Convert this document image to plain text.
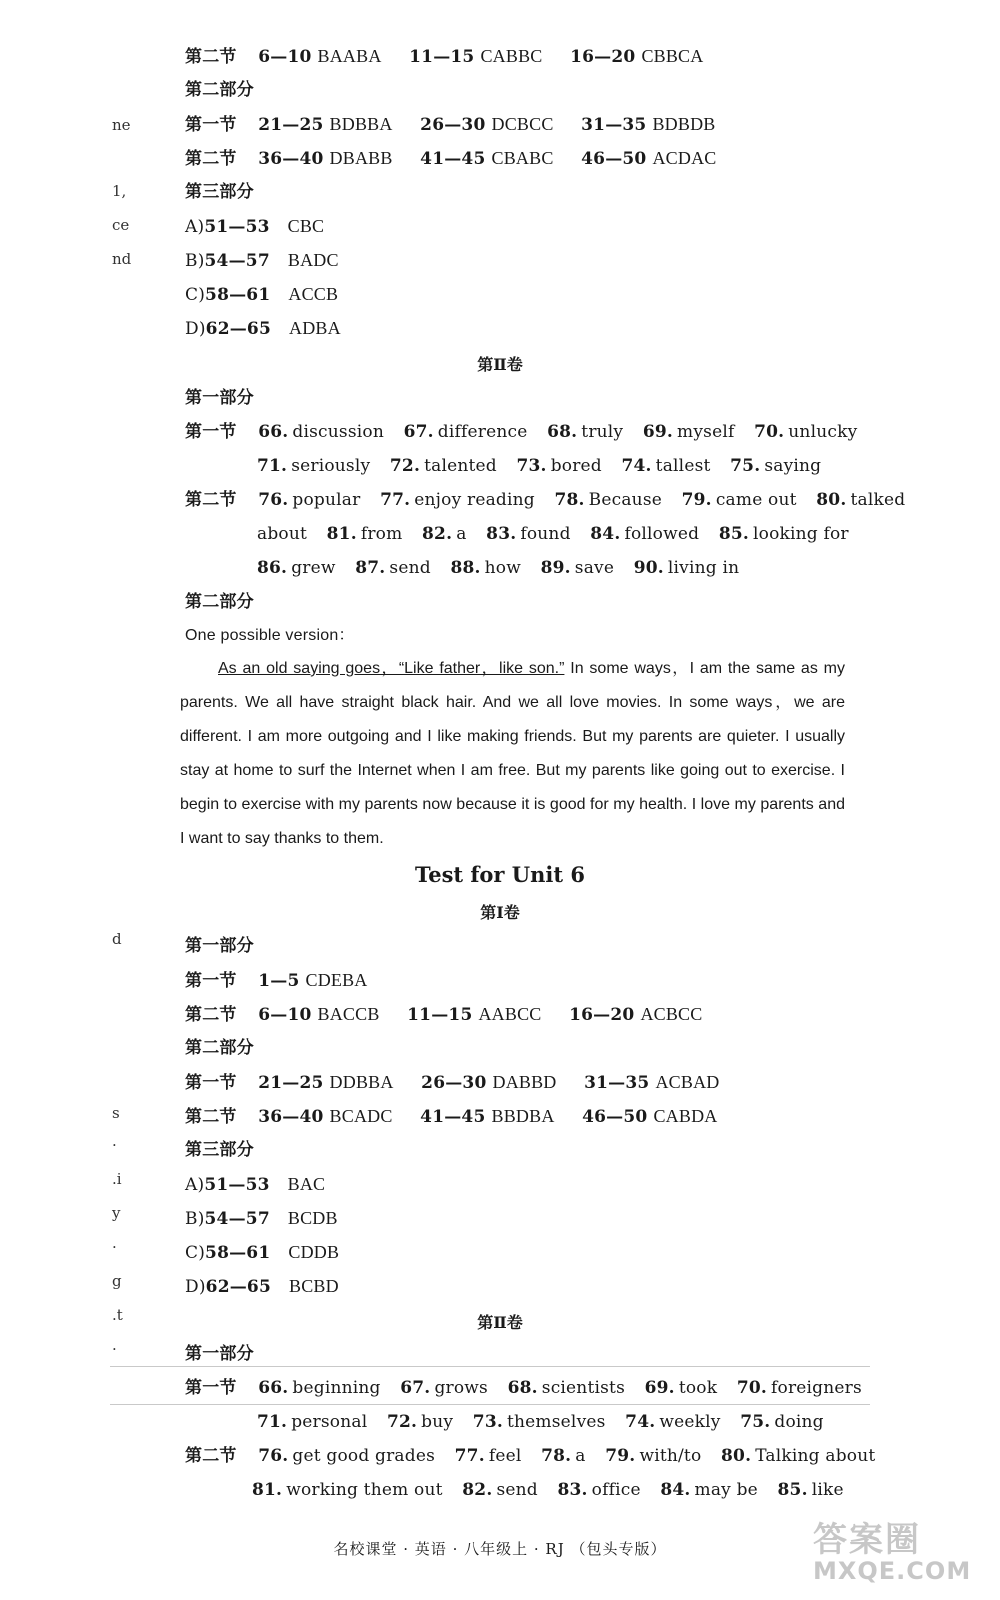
ne
1,
ce
nd
d
s
·
.i
y
·
g
.t
·
第二节 6—10 BAABA 11—15 CABBC 16—20 CBBCA
第二部分
第一节 21—25 BDBBA 26—30 DCBCC 31—35 BDBDB
第二节 36—40 DBABB 41—45 CBABC 46—50 ACDAC
第三部分
A)51—53 CBC
B)54—57 BADC
C)58—61 ACCB
D)62—65 ADBA
第Ⅱ卷
第一部分
第一节 66. discussion 67. difference 68. truly 69. myself 70. unlucky
71. seriously 72. talented 73. bored 74. tallest 75. saying
第二节 76. popular 77. enjoy reading 78. Because 79. came out 80. talked
about 81. from 82. a 83. found 84. followed 85. looking for
86. grew 87. send 88. how 89. save 90. living in
第二部分
One possible version：
As an old saying goes，“Like father，like son.” In some ways，I am the same as my parents. We all have straight black hair. And we all love movies. In some ways，we are different. I am more outgoing and I like making friends. But my parents are quieter. I usually stay at home to surf the Internet when I am free. But my parents like going out to exercise. I begin to exercise with my parents now because it is good for my health. I love my parents and I want to say thanks to them.
Test for Unit 6
第Ⅰ卷
第一部分
第一节 1—5 CDEBA
第二节 6—10 BACCB 11—15 AABCC 16—20 ACBCC
第二部分
第一节 21—25 DDBBA 26—30 DABBD 31—35 ACBAD
第二节 36—40 BCADC 41—45 BBDBA 46—50 CABDA
第三部分
A)51—53 BAC
B)54—57 BCDB
C)58—61 CDDB
D)62—65 BCBD
第Ⅱ卷
第一部分
第一节 66. beginning 67. grows 68. scientists 69. took 70. foreigners
71. personal 72. buy 73. themselves 74. weekly 75. doing
第二节 76. get good grades 77. feel 78. a 79. with/to 80. Talking about
81. working them out 82. send 83. office 84. may be 85. like
名校课堂 · 英语 · 八年级上 · RJ （包头专版）	答案圈
MXQE.COM
